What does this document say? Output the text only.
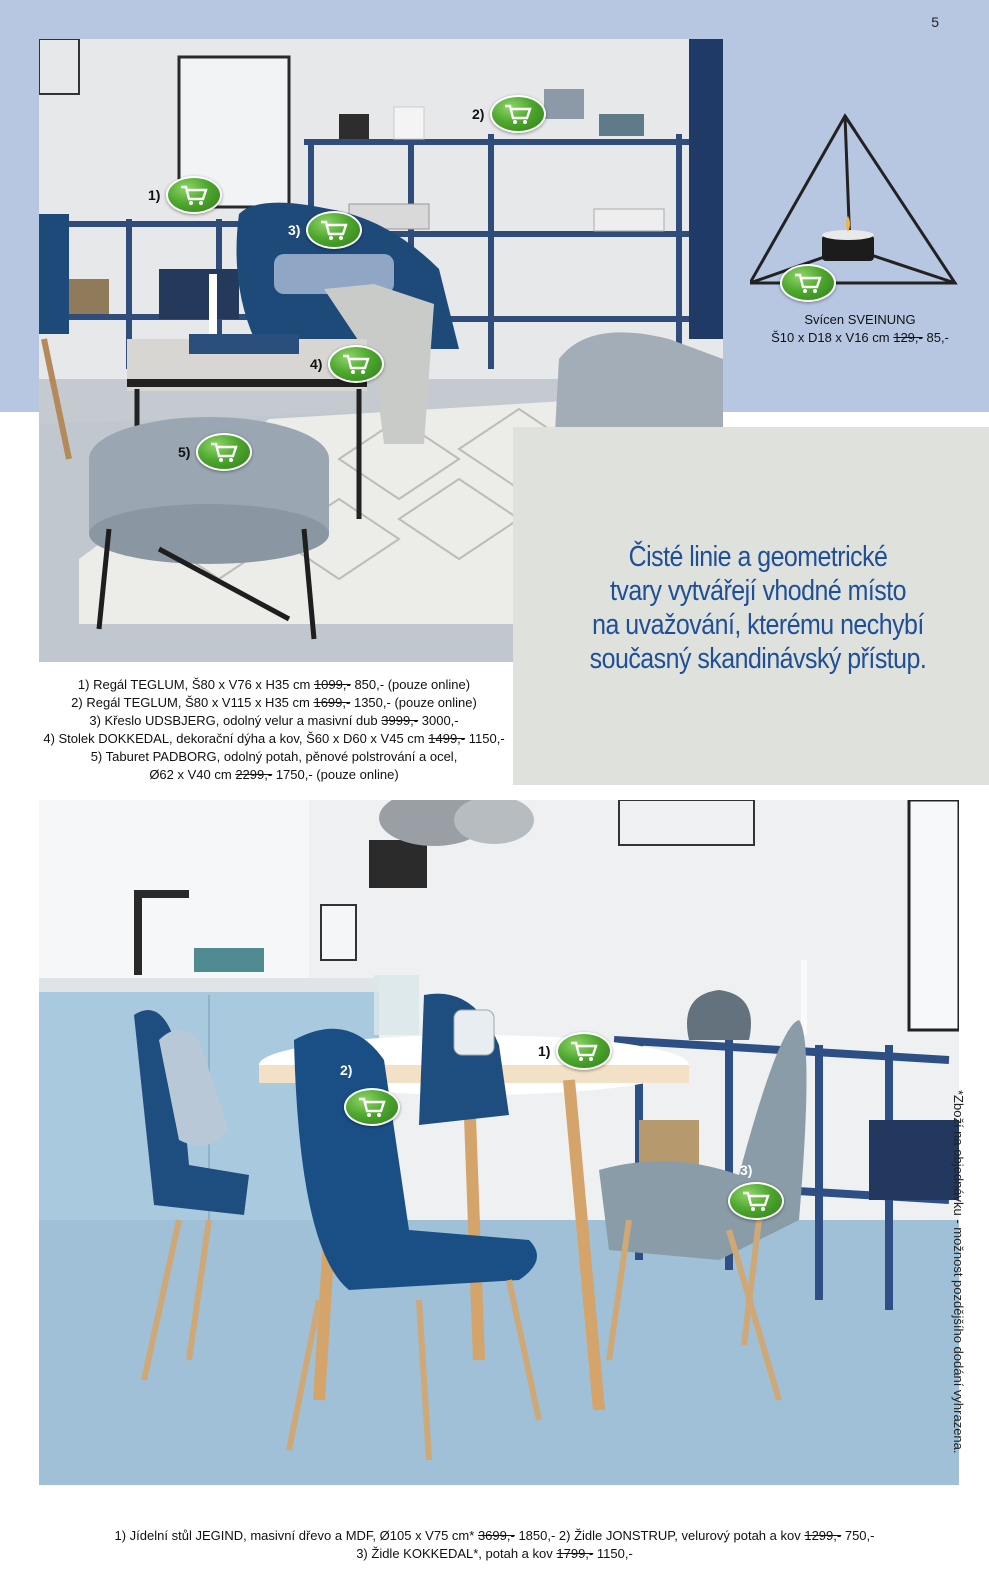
5
1)
2)
3)
4)
5)
Svícen SVEINUNG
Š10 x D18 x V16 cm 129,- 85,-
Čisté linie a geometrické
tvary vytvářejí vhodné místo
na uvažování, kterému nechybí
současný skandinávský přístup.
1) Regál TEGLUM, Š80 x V76 x H35 cm 1099,- 850,- (pouze online)
2) Regál TEGLUM, Š80 x V115 x H35 cm 1699,- 1350,- (pouze online)
3) Křeslo UDSBJERG, odolný velur a masivní dub 3999,- 3000,-
4) Stolek DOKKEDAL, dekorační dýha a kov, Š60 x D60 x V45 cm 1499,- 1150,-
5) Taburet PADBORG, odolný potah, pěnové polstrování a ocel,
Ø62 x V40 cm 2299,- 1750,- (pouze online)
1)
2)
3)	*Zboží na objednávku - možnost pozdějšího dodání vyhrazena.
1) Jídelní stůl JEGIND, masivní dřevo a MDF, Ø105 x V75 cm* 3699,- 1850,- 2) Židle JONSTRUP, velurový potah a kov 1299,- 750,-
3) Židle KOKKEDAL*, potah a kov 1799,- 1150,-
